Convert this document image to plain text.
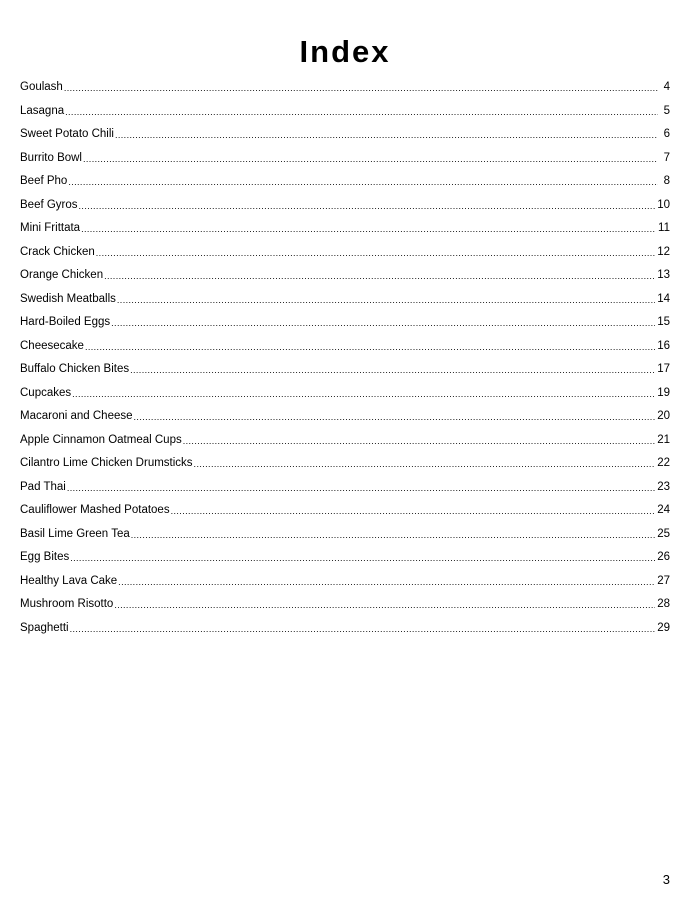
Index
Goulash .....	4
Lasagna .....	5
Sweet Potato Chili .....	6
Burrito Bowl .....	7
Beef Pho .....	8
Beef Gyros .....	10
Mini Frittata .....	11
Crack Chicken .....	12
Orange Chicken .....	13
Swedish Meatballs .....	14
Hard-Boiled Eggs .....	15
Cheesecake .....	16
Buffalo Chicken Bites .....	17
Cupcakes .....	19
Macaroni and Cheese .....	20
Apple Cinnamon Oatmeal Cups .....	21
Cilantro Lime Chicken Drumsticks .....	22
Pad Thai .....	23
Cauliflower Mashed Potatoes .....	24
Basil Lime Green Tea .....	25
Egg Bites .....	26
Healthy Lava Cake .....	27
Mushroom Risotto .....	28
Spaghetti .....	29
3
